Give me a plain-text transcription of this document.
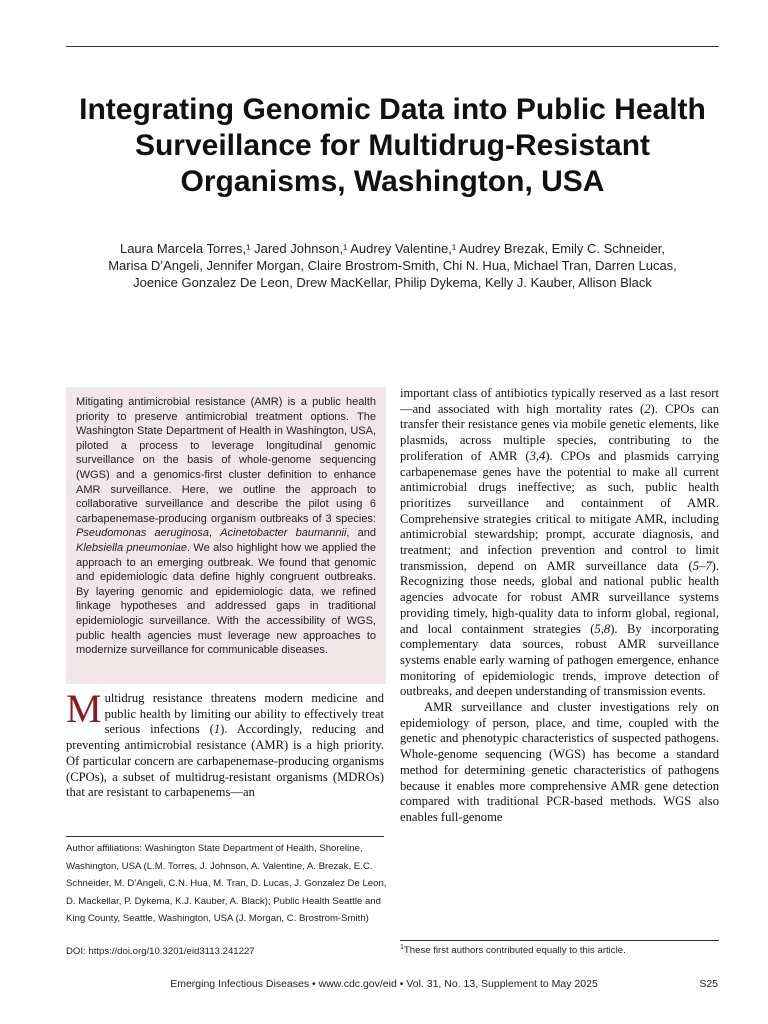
Integrating Genomic Data into Public Health Surveillance for Multidrug-Resistant Organisms, Washington, USA
Laura Marcela Torres,¹ Jared Johnson,¹ Audrey Valentine,¹ Audrey Brezak, Emily C. Schneider,
Marisa D’Angeli, Jennifer Morgan, Claire Brostrom-Smith, Chi N. Hua, Michael Tran, Darren Lucas,
Joenice Gonzalez De Leon, Drew MacKellar, Philip Dykema, Kelly J. Kauber, Allison Black

Mitigating antimicrobial resistance (AMR) is a public health priority to preserve antimicrobial treatment options. The Washington State Department of Health in Washington, USA, piloted a process to leverage longitudinal genomic surveillance on the basis of whole-genome sequencing (WGS) and a genomics-first cluster definition to enhance AMR surveillance. Here, we outline the approach to collaborative surveillance and describe the pilot using 6 carbapenemase-producing organism outbreaks of 3 species: Pseudomonas aeruginosa, Acinetobacter baumannii, and Klebsiella pneumoniae. We also highlight how we applied the approach to an emerging outbreak. We found that genomic and epidemiologic data define highly congruent outbreaks. By layering genomic and epidemiologic data, we refined linkage hypotheses and addressed gaps in traditional epidemiologic surveillance. With the accessibility of WGS, public health agencies must leverage new approaches to modernize surveillance for communicable diseases.

Multidrug resistance threatens modern medicine and public health by limiting our ability to effectively treat serious infections (1). Accordingly, reducing and preventing antimicrobial resistance (AMR) is a high priority. Of particular concern are carbapenemase-producing organisms (CPOs), a subset of multidrug-resistant organisms (MDROs) that are resistant to carbapenems—an
Author affiliations: Washington State Department of Health, Shoreline, Washington, USA (L.M. Torres, J. Johnson, A. Valentine, A. Brezak, E.C. Schneider, M. D’Angeli, C.N. Hua, M. Tran, D. Lucas, J. Gonzalez De Leon, D. Mackellar, P. Dykema, K.J. Kauber, A. Black); Public Health Seattle and King County, Seattle, Washington, USA (J. Morgan, C. Brostrom-Smith)
DOI: https://doi.org/10.3201/eid3113.241227
important class of antibiotics typically reserved as a last resort—and associated with high mortality rates (2). CPOs can transfer their resistance genes via mobile genetic elements, like plasmids, across multiple species, contributing to the proliferation of AMR (3,4). CPOs and plasmids carrying carbapenemase genes have the potential to make all current antimicrobial drugs ineffective; as such, public health prioritizes surveillance and containment of AMR. Comprehensive strategies critical to mitigate AMR, including antimicrobial stewardship; prompt, accurate diagnosis, and treatment; and infection prevention and control to limit transmission, depend on AMR surveillance data (5–7). Recognizing those needs, global and national public health agencies advocate for robust AMR surveillance systems providing timely, high-quality data to inform global, regional, and local containment strategies (5,8). By incorporating complementary data sources, robust AMR surveillance systems enable early warning of pathogen emergence, enhance monitoring of epidemiologic trends, improve detection of outbreaks, and deepen understanding of transmission events.
AMR surveillance and cluster investigations rely on epidemiology of person, place, and time, coupled with the genetic and phenotypic characteristics of suspected pathogens. Whole-genome sequencing (WGS) has become a standard method for determining genetic characteristics of pathogens because it enables more comprehensive AMR gene detection compared with traditional PCR-based methods. WGS also enables full-genome
$^1$These first authors contributed equally to this article.
Emerging Infectious Diseases • www.cdc.gov/eid • Vol. 31, No. 13, Supplement to May 2025	S25
